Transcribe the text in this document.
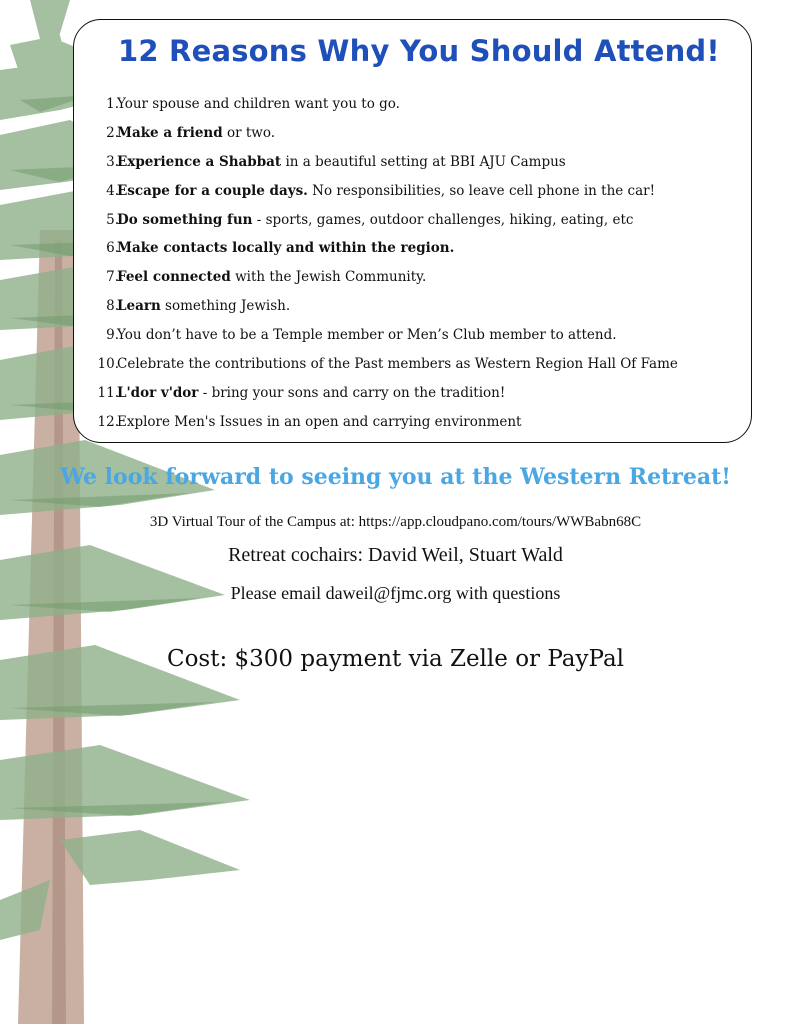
12 Reasons Why You Should Attend!
1.
Your spouse and children want you to go.
2.
Make a friend or two.
3.
Experience a Shabbat in a beautiful setting at BBI AJU Campus
4.
Escape for a couple days. No responsibilities, so leave cell phone in the car!
5.
Do something fun - sports, games, outdoor challenges, hiking, eating, etc
6.
Make contacts locally and within the region.
7.
Feel connected with the Jewish Community.
8.
Learn something Jewish.
9.
You don’t have to be a Temple member or Men’s Club member to attend.
10.
Celebrate the contributions of the Past members as Western Region Hall Of Fame
11.
L'dor v'dor - bring your sons and carry on the tradition!
12.
Explore Men's Issues in an open and carrying environment

We look forward to seeing you at the Western Retreat!

3D Virtual Tour of the Campus at: https://app.cloudpano.com/tours/WWBabn68C

Retreat cochairs: David Weil, Stuart Wald

Please email daweil@fjmc.org with questions

Cost: $300 payment via Zelle or PayPal
